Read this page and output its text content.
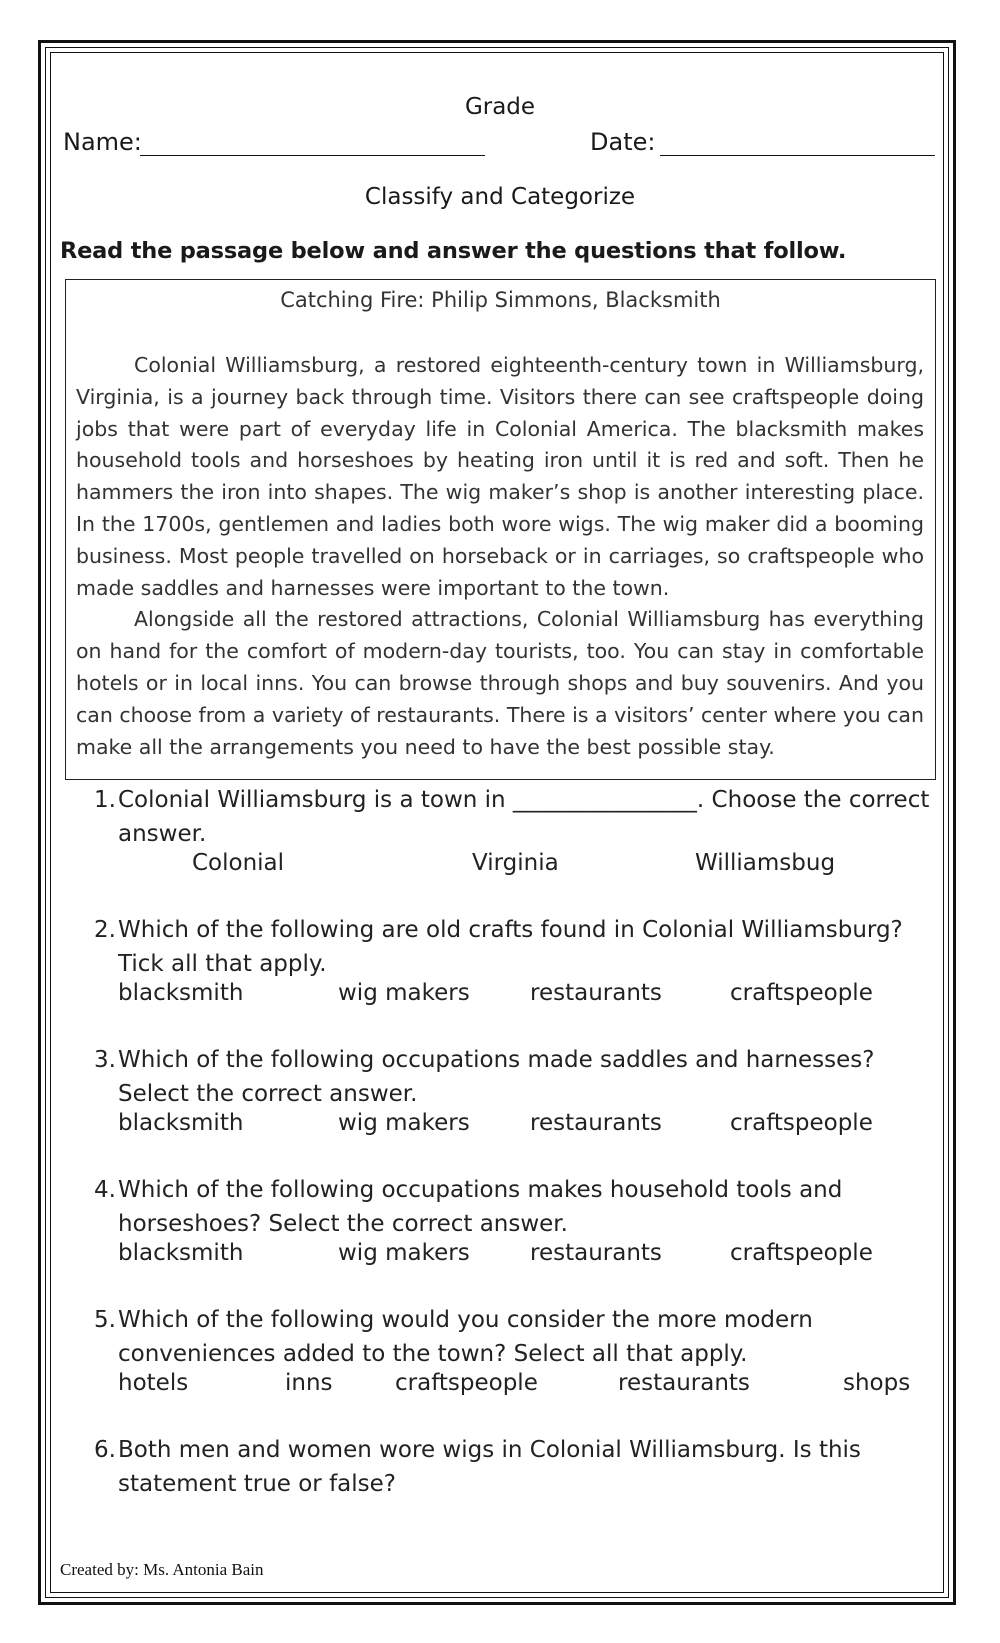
Grade
Name:	Date:
Classify and Categorize
Read the passage below and answer the questions that follow.
Catching Fire: Philip Simmons, Blacksmith

Colonial Williamsburg, a restored eighteenth-century town in Williamsburg, Virginia, is a journey back through time. Visitors there can see craftspeople doing jobs that were part of everyday life in Colonial America. The blacksmith makes household tools and horseshoes by heating iron until it is red and soft. Then he hammers the iron into shapes. The wig maker’s shop is another interesting place. In the 1700s, gentlemen and ladies both wore wigs. The wig maker did a booming business. Most people travelled on horseback or in carriages, so craftspeople who made saddles and harnesses were important to the town.

Alongside all the restored attractions, Colonial Williamsburg has everything on hand for the comfort of modern-day tourists, too. You can stay in comfortable hotels or in local inns. You can browse through shops and buy souvenirs. And you can choose from a variety of restaurants. There is a visitors’ center where you can make all the arrangements you need to have the best possible stay.

1. Colonial Williamsburg is a town in ________________. Choose the correct answer.
Colonial	Virginia	Williamsbug
2. Which of the following are old crafts found in Colonial Williamsburg? Tick all that apply.
blacksmith	wig makers	restaurants	craftspeople
3. Which of the following occupations made saddles and harnesses? Select the correct answer.
blacksmith	wig makers	restaurants	craftspeople
4. Which of the following occupations makes household tools and horseshoes? Select the correct answer.
blacksmith	wig makers	restaurants	craftspeople
5. Which of the following would you consider the more modern conveniences added to the town? Select all that apply.
hotels	inns	craftspeople	restaurants	shops
6. Both men and women wore wigs in Colonial Williamsburg. Is this statement true or false?
Created by: Ms. Antonia Bain
